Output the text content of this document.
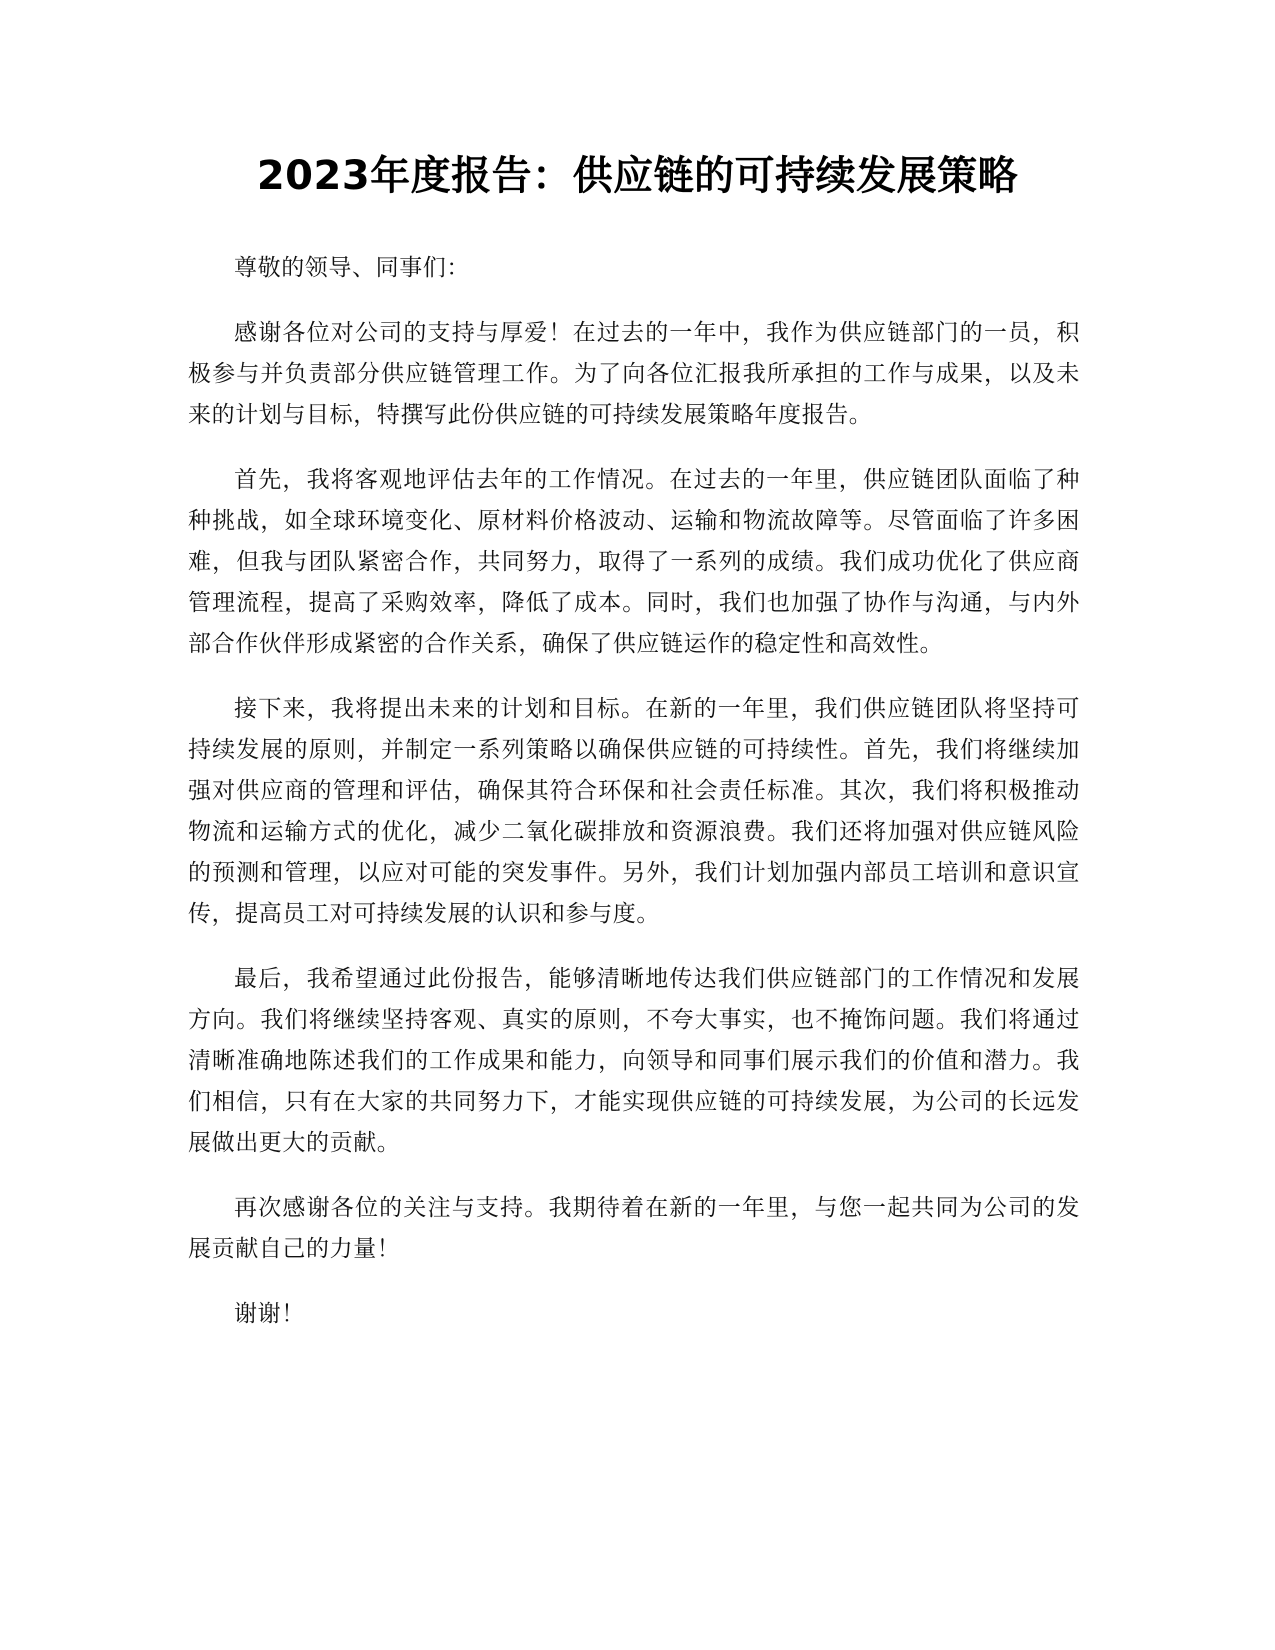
2023年度报告：供应链的可持续发展策略

尊敬的领导、同事们：

感谢各位对公司的支持与厚爱！在过去的一年中，我作为供应链部门的一员，积极参与并负责部分供应链管理工作。为了向各位汇报我所承担的工作与成果，以及未来的计划与目标，特撰写此份供应链的可持续发展策略年度报告。

首先，我将客观地评估去年的工作情况。在过去的一年里，供应链团队面临了种种挑战，如全球环境变化、原材料价格波动、运输和物流故障等。尽管面临了许多困难，但我与团队紧密合作，共同努力，取得了一系列的成绩。我们成功优化了供应商管理流程，提高了采购效率，降低了成本。同时，我们也加强了协作与沟通，与内外部合作伙伴形成紧密的合作关系，确保了供应链运作的稳定性和高效性。

接下来，我将提出未来的计划和目标。在新的一年里，我们供应链团队将坚持可持续发展的原则，并制定一系列策略以确保供应链的可持续性。首先，我们将继续加强对供应商的管理和评估，确保其符合环保和社会责任标准。其次，我们将积极推动物流和运输方式的优化，减少二氧化碳排放和资源浪费。我们还将加强对供应链风险的预测和管理，以应对可能的突发事件。另外，我们计划加强内部员工培训和意识宣传，提高员工对可持续发展的认识和参与度。

最后，我希望通过此份报告，能够清晰地传达我们供应链部门的工作情况和发展方向。我们将继续坚持客观、真实的原则，不夸大事实，也不掩饰问题。我们将通过清晰准确地陈述我们的工作成果和能力，向领导和同事们展示我们的价值和潜力。我们相信，只有在大家的共同努力下，才能实现供应链的可持续发展，为公司的长远发展做出更大的贡献。

再次感谢各位的关注与支持。我期待着在新的一年里，与您一起共同为公司的发展贡献自己的力量！

谢谢！
